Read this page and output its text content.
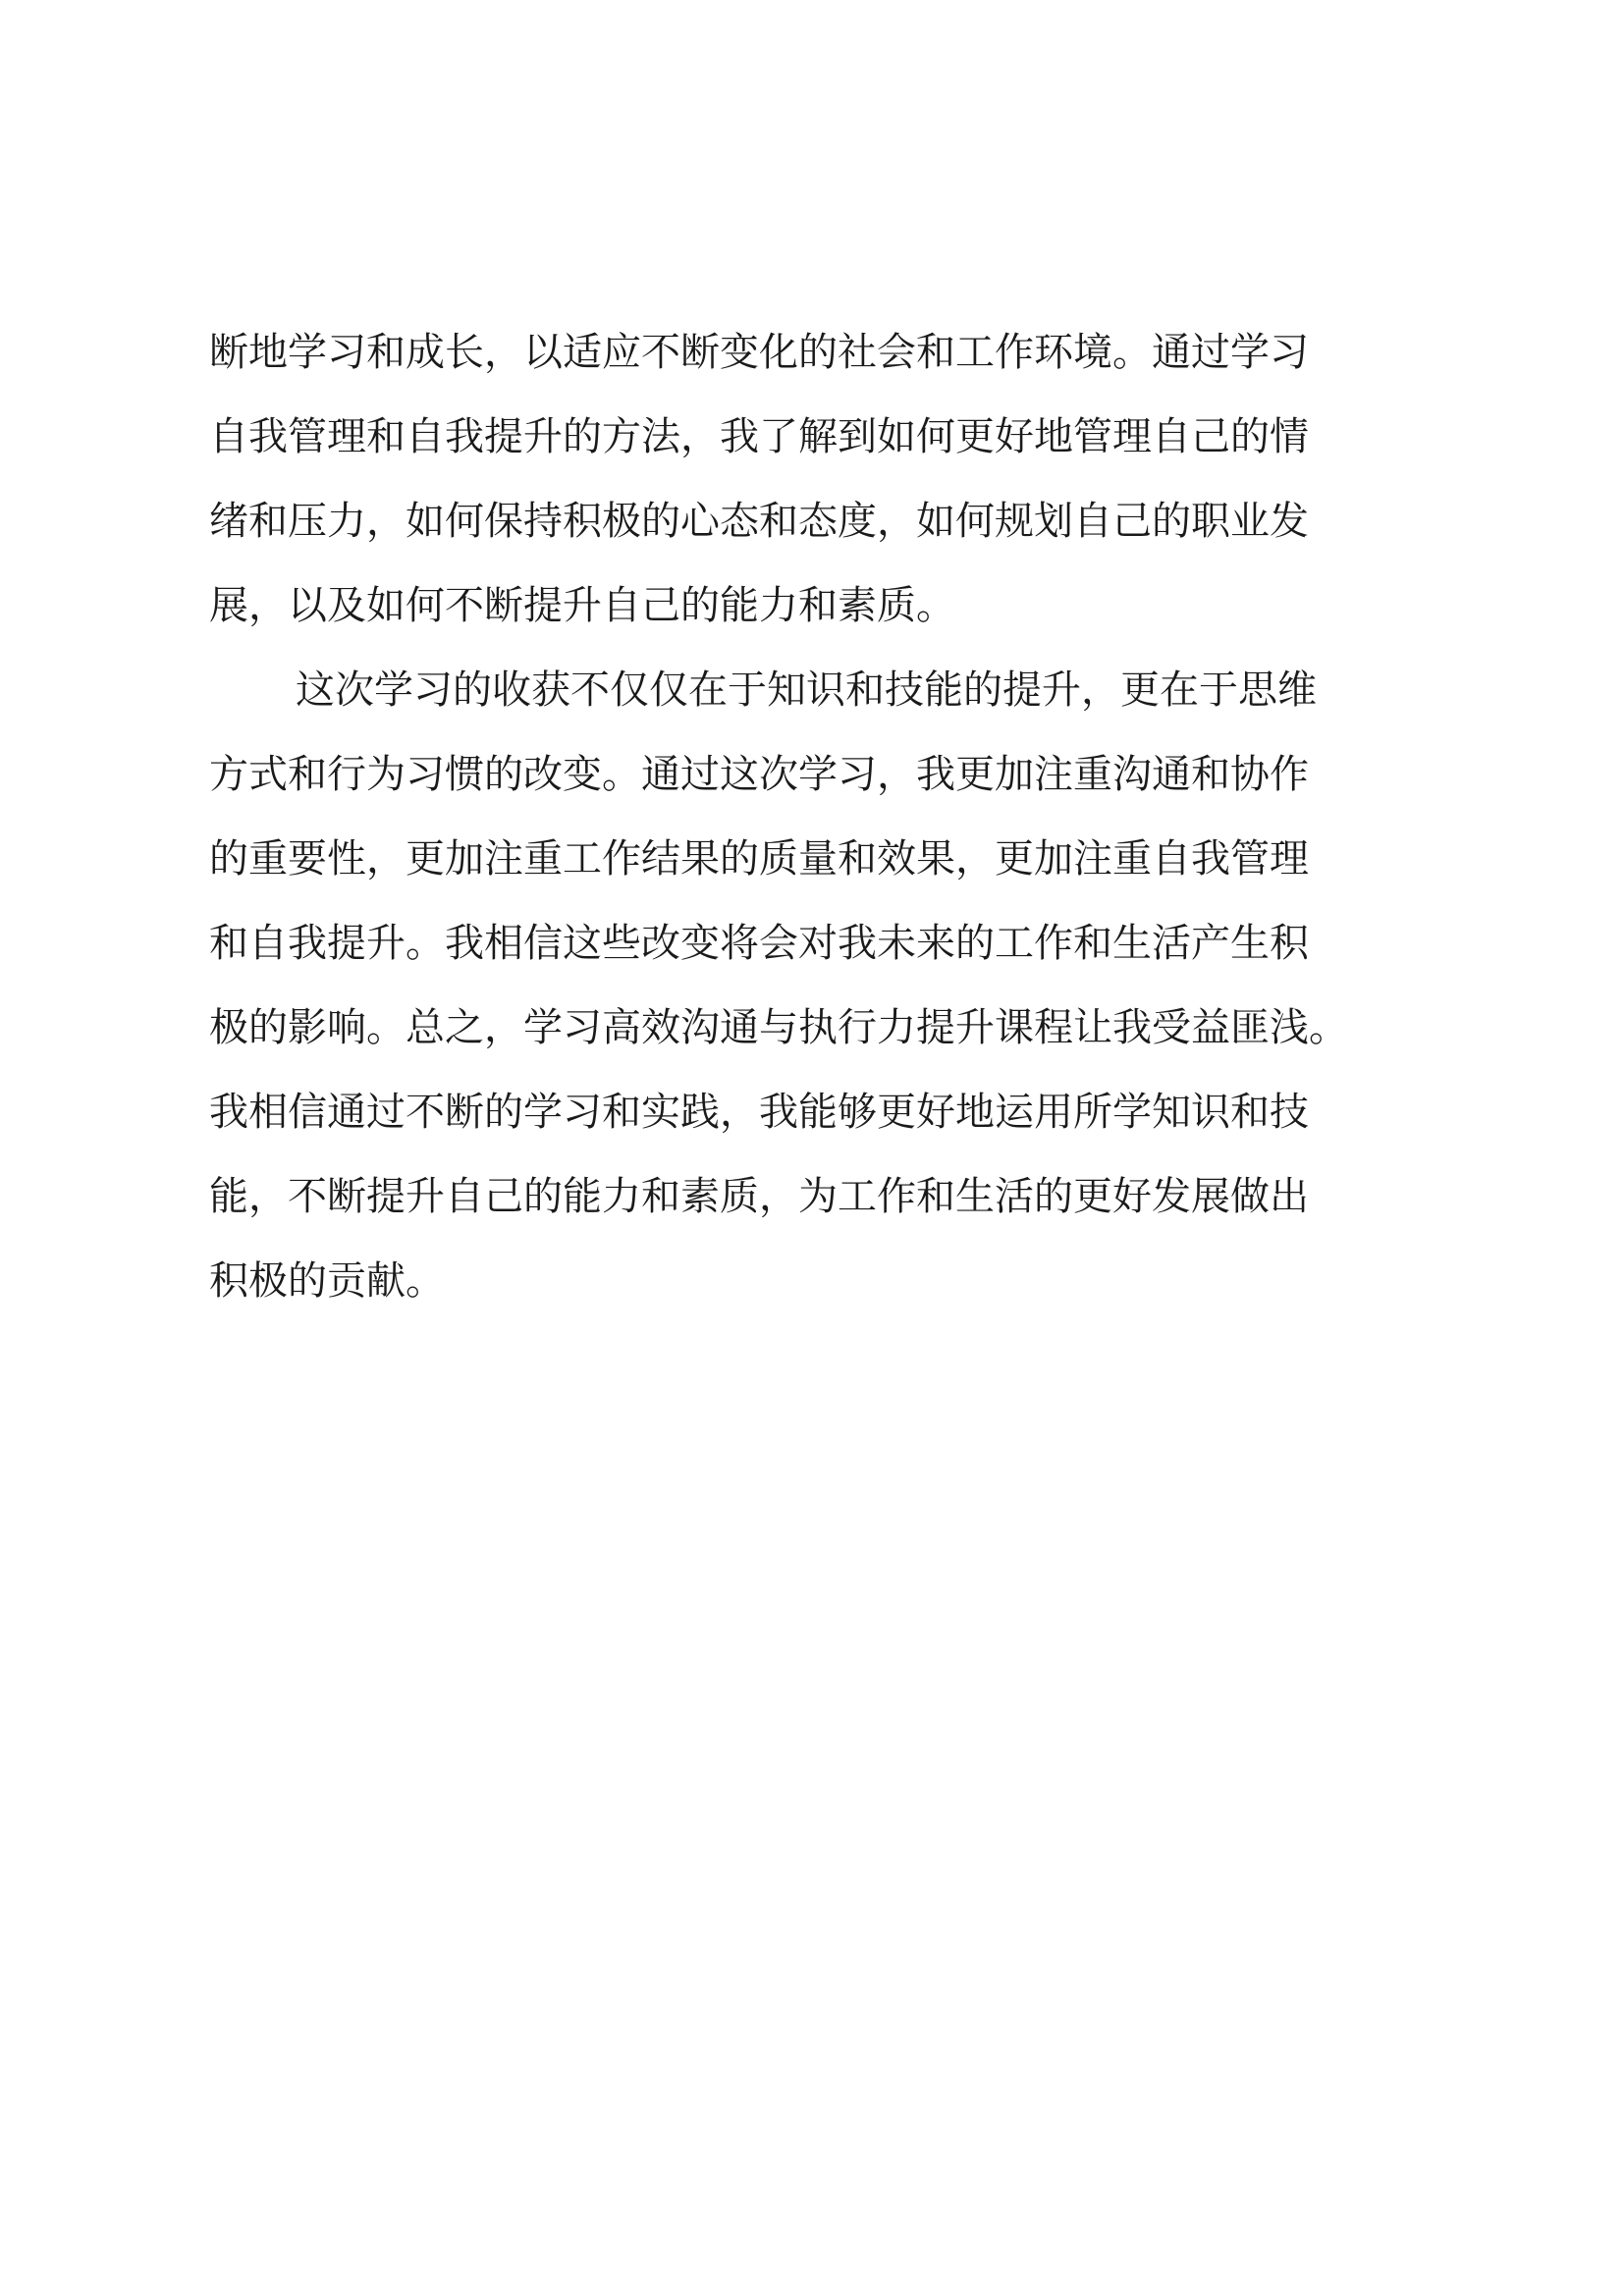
断地学习和成长，以适应不断变化的社会和工作环境。通过学习
自我管理和自我提升的方法，我了解到如何更好地管理自己的情
绪和压力，如何保持积极的心态和态度，如何规划自己的职业发
展，以及如何不断提升自己的能力和素质。
这次学习的收获不仅仅在于知识和技能的提升，更在于思维
方式和行为习惯的改变。通过这次学习，我更加注重沟通和协作
的重要性，更加注重工作结果的质量和效果，更加注重自我管理
和自我提升。我相信这些改变将会对我未来的工作和生活产生积
极的影响。总之，学习高效沟通与执行力提升课程让我受益匪浅。
我相信通过不断的学习和实践，我能够更好地运用所学知识和技
能，不断提升自己的能力和素质，为工作和生活的更好发展做出
积极的贡献。
